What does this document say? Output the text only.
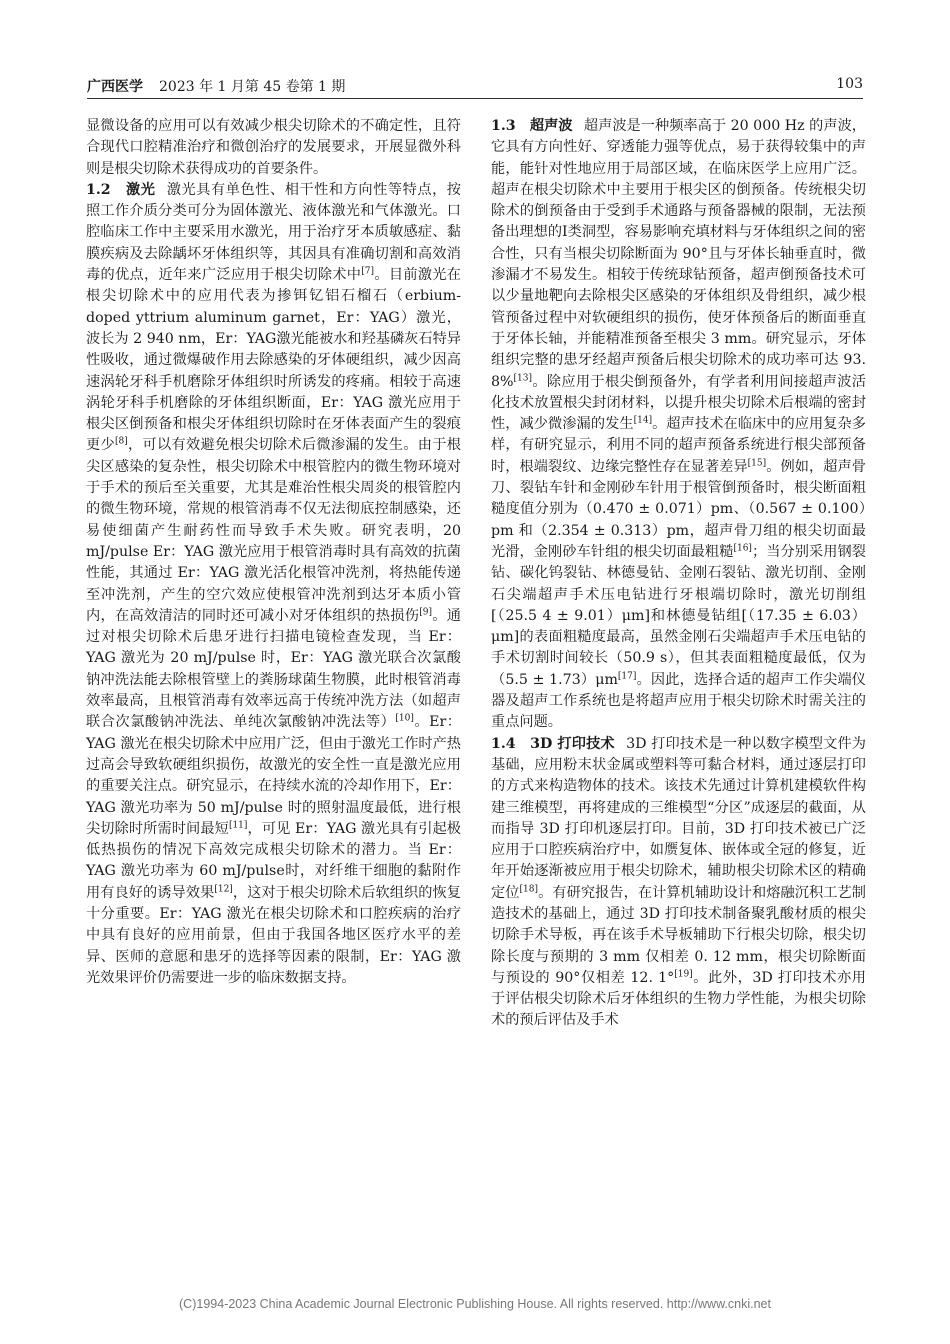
广西医学 2023 年 1 月第 45 卷第 1 期	103

显微设备的应用可以有效减少根尖切除术的不确定性，且符合现代口腔精准治疗和微创治疗的发展要求，开展显微外科则是根尖切除术获得成功的首要条件。

1.2　激光 激光具有单色性、相干性和方向性等特点，按照工作介质分类可分为固体激光、液体激光和气体激光。口腔临床工作中主要采用水激光，用于治疗牙本质敏感症、黏膜疾病及去除龋坏牙体组织等，其因具有准确切割和高效消毒的优点，近年来广泛应用于根尖切除术中[7]。目前激光在根尖切除术中的应用代表为掺铒钇铝石榴石（erbium-doped yttrium aluminum garnet，Er：YAG）激光，波长为 2 940 nm，Er：YAG激光能被水和羟基磷灰石特异性吸收，通过微爆破作用去除感染的牙体硬组织，减少因高速涡轮牙科手机磨除牙体组织时所诱发的疼痛。相较于高速涡轮牙科手机磨除的牙体组织断面，Er：YAG 激光应用于根尖区倒预备和根尖牙体组织切除时在牙体表面产生的裂痕更少[8]，可以有效避免根尖切除术后微渗漏的发生。由于根尖区感染的复杂性，根尖切除术中根管腔内的微生物环境对于手术的预后至关重要，尤其是难治性根尖周炎的根管腔内的微生物环境，常规的根管消毒不仅无法彻底控制感染，还易使细菌产生耐药性而导致手术失败。研究表明，20 mJ/pulse Er：YAG 激光应用于根管消毒时具有高效的抗菌性能，其通过 Er：YAG 激光活化根管冲洗剂，将热能传递至冲洗剂，产生的空穴效应使根管冲洗剂到达牙本质小管内，在高效清洁的同时还可减小对牙体组织的热损伤[9]。通过对根尖切除术后患牙进行扫描电镜检查发现，当 Er：YAG 激光为 20 mJ/pulse 时，Er：YAG 激光联合次氯酸钠冲洗法能去除根管壁上的粪肠球菌生物膜，此时根管消毒效率最高，且根管消毒有效率远高于传统冲洗方法（如超声联合次氯酸钠冲洗法、单纯次氯酸钠冲洗法等）[10]。Er：YAG 激光在根尖切除术中应用广泛，但由于激光工作时产热过高会导致软硬组织损伤，故激光的安全性一直是激光应用的重要关注点。研究显示，在持续水流的冷却作用下，Er：YAG 激光功率为 50 mJ/pulse 时的照射温度最低，进行根尖切除时所需时间最短[11]，可见 Er：YAG 激光具有引起极低热损伤的情况下高效完成根尖切除术的潜力。当 Er：YAG 激光功率为 60 mJ/pulse时，对纤维干细胞的黏附作用有良好的诱导效果[12]，这对于根尖切除术后软组织的恢复十分重要。Er：YAG 激光在根尖切除术和口腔疾病的治疗中具有良好的应用前景，但由于我国各地区医疗水平的差异、医师的意愿和患牙的选择等因素的限制，Er：YAG 激光效果评价仍需要进一步的临床数据支持。

1.3　超声波 超声波是一种频率高于 20 000 Hz 的声波，它具有方向性好、穿透能力强等优点，易于获得较集中的声能，能针对性地应用于局部区域，在临床医学上应用广泛。超声在根尖切除术中主要用于根尖区的倒预备。传统根尖切除术的倒预备由于受到手术通路与预备器械的限制，无法预备出理想的Ⅰ类洞型，容易影响充填材料与牙体组织之间的密合性，只有当根尖切除断面为 90°且与牙体长轴垂直时，微渗漏才不易发生。相较于传统球钻预备，超声倒预备技术可以少量地靶向去除根尖区感染的牙体组织及骨组织，减少根管预备过程中对软硬组织的损伤，使牙体预备后的断面垂直于牙体长轴，并能精准预备至根尖 3 mm。研究显示，牙体组织完整的患牙经超声预备后根尖切除术的成功率可达 93. 8%[13]。除应用于根尖倒预备外，有学者利用间接超声波活化技术放置根尖封闭材料，以提升根尖切除术后根端的密封性，减少微渗漏的发生[14]。超声技术在临床中的应用复杂多样，有研究显示，利用不同的超声预备系统进行根尖部预备时，根端裂纹、边缘完整性存在显著差异[15]。例如，超声骨刀、裂钻车针和金刚砂车针用于根管倒预备时，根尖断面粗糙度值分别为（0.470 ± 0.071）pm、（0.567 ± 0.100）pm 和（2.354 ± 0.313）pm，超声骨刀组的根尖切面最光滑，金刚砂车针组的根尖切面最粗糙[16]；当分别采用钢裂钻、碳化钨裂钻、林德曼钻、金刚石裂钻、激光切削、金刚石尖端超声手术压电钻进行牙根端切除时，激光切削组[（25.5 4 ± 9.01）μm]和林德曼钻组[（17.35 ± 6.03）μm]的表面粗糙度最高，虽然金刚石尖端超声手术压电钻的手术切割时间较长（50.9 s），但其表面粗糙度最低，仅为（5.5 ± 1.73）μm[17]。因此，选择合适的超声工作尖端仪器及超声工作系统也是将超声应用于根尖切除术时需关注的重点问题。

1.4　3D 打印技术 3D 打印技术是一种以数字模型文件为基础，应用粉末状金属或塑料等可黏合材料，通过逐层打印的方式来构造物体的技术。该技术先通过计算机建模软件构建三维模型，再将建成的三维模型“分区”成逐层的截面，从而指导 3D 打印机逐层打印。目前，3D 打印技术被已广泛应用于口腔疾病治疗中，如赝复体、嵌体或全冠的修复，近年开始逐渐被应用于根尖切除术，辅助根尖切除术区的精确定位[18]。有研究报告，在计算机辅助设计和熔融沉积工艺制造技术的基础上，通过 3D 打印技术制备聚乳酸材质的根尖切除手术导板，再在该手术导板辅助下行根尖切除，根尖切除长度与预期的 3 mm 仅相差 0. 12 mm，根尖切除断面与预设的 90°仅相差 12. 1°[19]。此外，3D 打印技术亦用于评估根尖切除术后牙体组织的生物力学性能，为根尖切除术的预后评估及手术

(C)1994-2023 China Academic Journal Electronic Publishing House. All rights reserved. http://www.cnki.net
